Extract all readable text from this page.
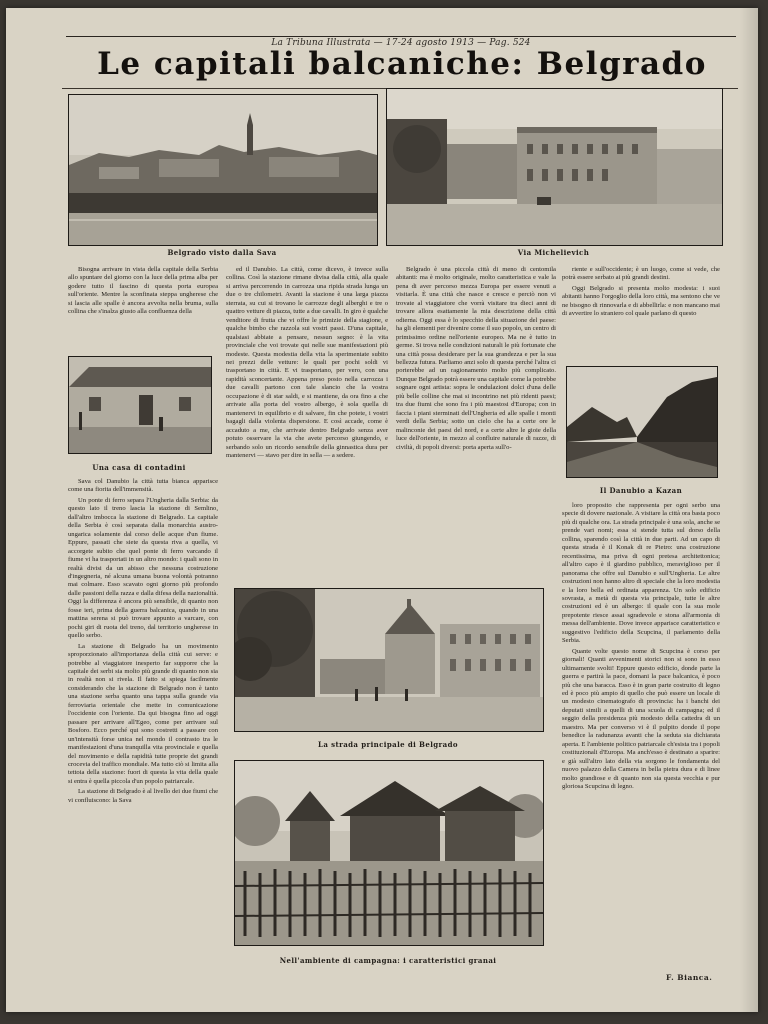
La Tribuna Illustrata — 17-24 agosto 1913 — Pag. 524
Le capitali balcaniche: Belgrado
Belgrado visto dalla Sava	Via Michelievich

Bisogna arrivare in vista della capitale della Serbia allo spuntare del giorno con la luce della prima alba per godere tutto il fascino di questa porta europea sull'oriente. Mentre la sconfinata steppa ungherese che si lascia alle spalle è ancora avvolta nella bruma, sulla collina che s'inalza giusto alla confluenza della

Una casa di contadini

Sava col Danubio la città tutta bianca apparisce come una fiorita dell'immensità.

Un ponte di ferro separa l'Ungheria dalla Serbia: da questo lato il treno lascia la stazione di Semlino, dall'altro imbocca la stazione di Belgrado. La capitale della Serbia è così separata dalla monarchia austro-ungarica solamente dal corso delle acque d'un fiume. Eppure, passati che siete da questa riva a quella, vi accorgete subito che quel ponte di ferro varcando il fiume vi ha trasportati in un altro mondo: i quali sono in realtà divisi da un abisso che nessuna costruzione d'ingegneria, né alcuna umana buona volontà potranno mai colmare. Esso scavato ogni giorno più profondo dalle passioni della razza e dalla difesa della nazionalità. Oggi la differenza è ancora più sensibile, di quanto non fosse ieri, prima della guerra balcanica, quando in una mattina serena si può trovare appunto a varcare, con pochi giri di ruota del treno, dal territorio ungherese in quello serbo.

La stazione di Belgrado ha un movimento sproporzionato all'importanza della città cui serve: e potrebbe al viaggiatore inesperto far supporre che la capitale dei serbi sia molto più grande di quanto non sia in realtà non si rivela. Il fatto si spiega facilmente considerando che la stazione di Belgrado non è tanto una stazione serba quanto una tappa sulla grande via ferroviaria orientale che mette in comunicazione l'occidente con l'oriente. Da qui bisogna fino ad oggi passare per arrivare all'Egeo, come per arrivare sul Bosforo. Ecco perché qui sono costretti a passare con un'intensità forse unica nel mondo il contrasto tra le manifestazioni d'una tranquilla vita provinciale e quella del movimento e della rapidità tutte proprie dei grandi crocevia del traffico mondiale. Ma tutto ciò si limita alla tettoia della stazione: fuori di questa la vita della quale si entra è quella piccola d'un popolo patriarcale.

La stazione di Belgrado è al livello dei due fiumi che vi confluiscono: la Sava

ed il Danubio. La città, come dicevo, è invece sulla collina. Così la stazione rimane divisa dalla città, alla quale si arriva percorrendo in carrozza una ripida strada lunga un due o tre chilometri. Avanti la stazione è una larga piazza sterrata, su cui si trovano le carrozze degli alberghi e tre o quattro vetture di piazza, tutte a due cavalli. In giro è qualche venditore di frutta che vi offre le primizie della stagione, e qualche bimbo che razzola sui vostri passi. D'una capitale, qualsiasi abbiate a pensare, nessun segno: è la vita provinciale che voi trovate qui nelle sue manifestazioni più modeste. Questa modestia della vita la sperimentate subito nei prezzi delle vetture: le quali per pochi soldi vi trasportano in città. E vi trasportano, per vero, con una rapidità sconcertante. Appena preso posto nella carrozza i due cavalli partono con tale slancio che la vostra occupazione è di star saldi, e si mantiene, da ora fino a che arrivate alla porta del vostro albergo, è sola quella di mantenervi in equilibrio e di salvare, fin che potete, i vostri bagagli dalla violenta dispersione. E così accade, come è accaduto a me, che arrivate dentro Belgrado senza aver potuto osservare la via che avete percorso giungendo, e serbando solo un ricordo sensibile della ginnastica dura per mantenervi — stavo per dire in sella — a sedere.

Belgrado è una piccola città di meno di centomila abitanti: ma è molto originale, molto caratteristica e vale la pena di aver percorso mezza Europa per essere venuti a visitarla. È una città che nasce e cresce e perciò non vi trovate al viaggiatore che vorrà visitare tra dieci anni di trovare allora esattamente la mia descrizione della città odierna. Oggi essa è lo specchio della situazione del paese: ha gli elementi per divenire come il suo popolo, un centro di primissimo ordine nell'oriente europeo. Ma ne è tutto in germe. Si trova nelle condizioni naturali le più fortunate che una città possa desiderare per la sua grandezza e per la sua bellezza futura. Parliamo anzi solo di questa perché l'altra ci porterebbe ad un ragionamento molto più complicato. Dunque Belgrado potrà essere una capitale come la potrebbe sognare ogni artista: sopra le ondulazioni dolci d'una delle più belle colline che mai si incontrino nei più ridenti paesi; tra due fiumi che sono fra i più maestosi d'Europa; con in faccia i piani sterminati dell'Ungheria ed alle spalle i monti verdi della Serbia; sotto un cielo che ha a certe ore le malinconie dei paesi del nord, e a certe altre le gioie della luce dell'oriente, in mezzo al confluire naturale di razze, di civiltà, di popoli diversi: porta aperta sull'o-

riente e sull'occidente; è un luogo, come si vede, che potrà essere serbato ai più grandi destini.

Oggi Belgrado si presenta molto modesta: i suoi abitanti hanno l'orgoglio della loro città, ma sentono che ve ne bisogno di rinnovarla e di abbellirla: e non mancano mai di avvertire lo straniero col quale parlano di questo

Il Danubio a Kazan

loro proposito che rappresenta per ogni serbo una specie di dovere nazionale. A visitare la città ora basta poco più di qualche ora. La strada principale è una sola, anche se prende vari nomi; essa si stende tutta sul dorso della collina, sparendo così la città in due parti. Ad un capo di questa strada è il Konak di re Pietro: una costruzione recentissima, ma priva di ogni pretesa architettonica; all'altro capo è il giardino pubblico, meraviglioso per il panorama che offre sul Danubio e sull'Ungheria. Le altre costruzioni non hanno altro di speciale che la loro modestia e la loro bella ed ordinata apparenza. Un solo edificio sovrasta, a metà di questa via principale, tutte le altre costruzioni ed è un albergo: il quale con la sua mole prepotente riesce assai sgradevole e stona all'armonia di messa dell'ambiente. Dove invece apparisce caratteristico e suggestivo l'edificio della Scupcina, il parlamento della Serbia.

Quante volte questo nome di Scupcina è corso per giornali! Quanti avvenimenti storici non si sono in esso ultimamente svolti! Eppure questo edificio, donde parte la guerra e partirà la pace, domani la pace balcanica, è poco più che una baracca. Esso è in gran parte costruito di legno ed è poco più ampio di quello che può essere un locale di un modesto cinematografo di provincia: ha i banchi dei deputati simili a quelli di una scuola di campagna; ed il seggio della presidenza più modesto della cattedra di un maestro. Ma per converso vi è il pulpito donde il pope benedice la radunanza avanti che la seduta sia dichiarata aperta. E l'ambiente politico patriarcale ch'esista tra i popoli costituzionali d'Europa. Ma anch'esso è destinato a sparire: e già sull'altro lato della via sorgono le fondamenta del nuovo palazzo della Camera in bella pietra dura e di linee molto grandiose e di quanto non sia questa vecchia e pur gloriosa Scupcina di legno.

La strada principale di Belgrado
Nell'ambiente di campagna: i caratteristici granai
F. Bianca.
